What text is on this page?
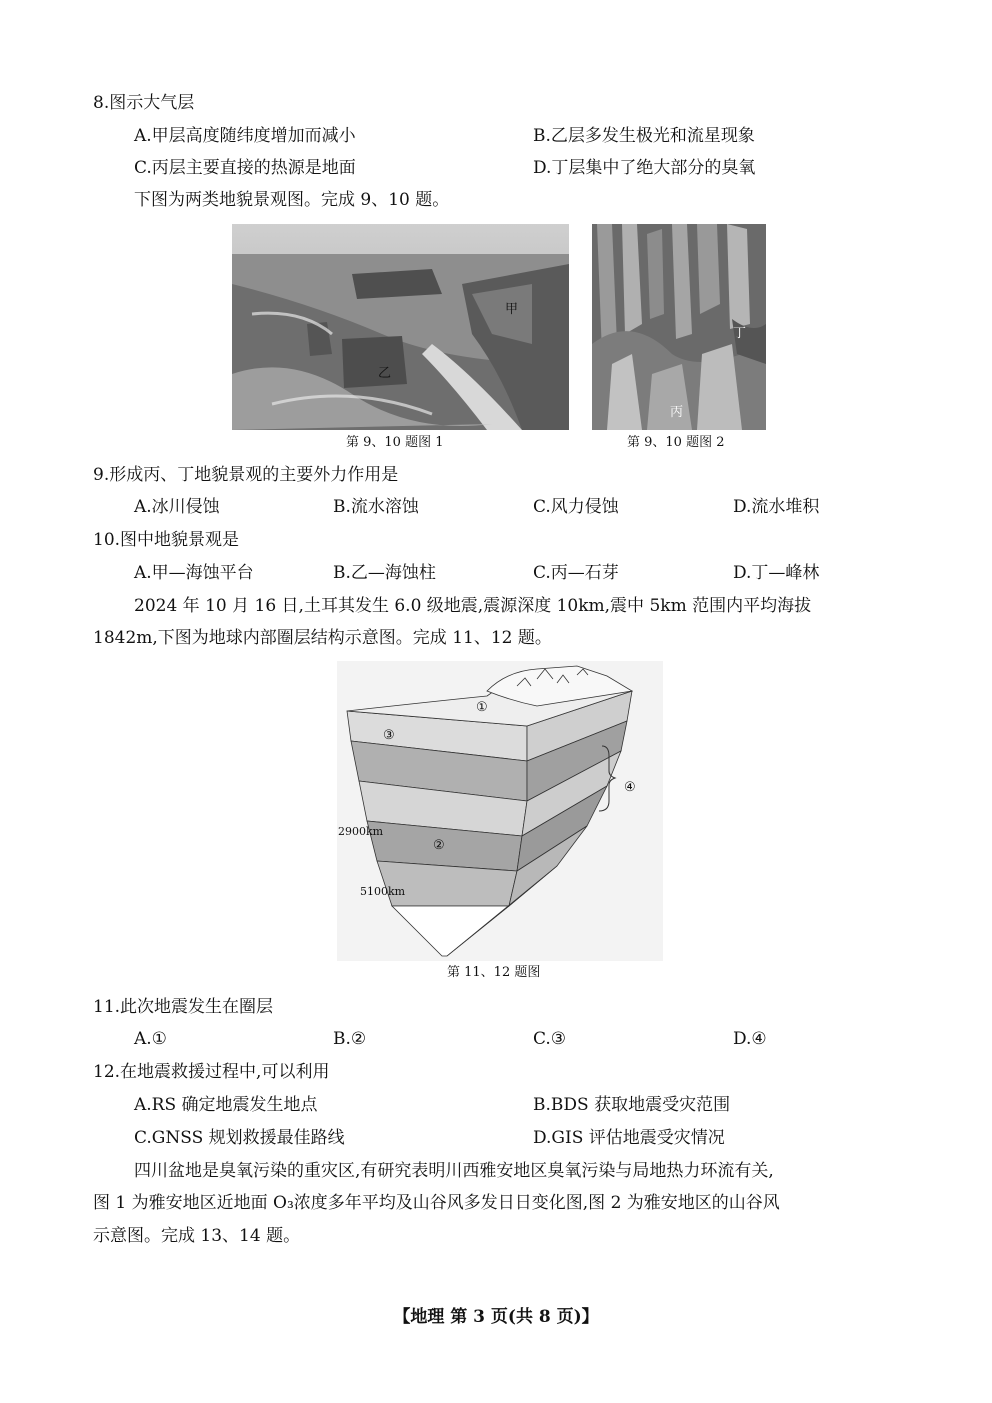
8.图示大气层
A.甲层高度随纬度增加而减小	B.乙层多发生极光和流星现象
C.丙层主要直接的热源是地面	D.丁层集中了绝大部分的臭氧
下图为两类地貌景观图。完成 9、10 题。
甲
乙
第 9、10 题图 1
丁
丙
第 9、10 题图 2
9.形成丙、丁地貌景观的主要外力作用是
A.冰川侵蚀	B.流水溶蚀	C.风力侵蚀	D.流水堆积
10.图中地貌景观是
A.甲—海蚀平台	B.乙—海蚀柱	C.丙—石芽	D.丁—峰林
2024 年 10 月 16 日,土耳其发生 6.0 级地震,震源深度 10km,震中 5km 范围内平均海拔
1842m,下图为地球内部圈层结构示意图。完成 11、12 题。
①
③
④
②
2900km
5100km
第 11、12 题图
11.此次地震发生在圈层
A.①	B.②	C.③	D.④
12.在地震救援过程中,可以利用
A.RS 确定地震发生地点	B.BDS 获取地震受灾范围
C.GNSS 规划救援最佳路线	D.GIS 评估地震受灾情况
四川盆地是臭氧污染的重灾区,有研究表明川西雅安地区臭氧污染与局地热力环流有关,
图 1 为雅安地区近地面 O₃浓度多年平均及山谷风多发日日变化图,图 2 为雅安地区的山谷风
示意图。完成 13、14 题。
【地理 第 3 页(共 8 页)】
